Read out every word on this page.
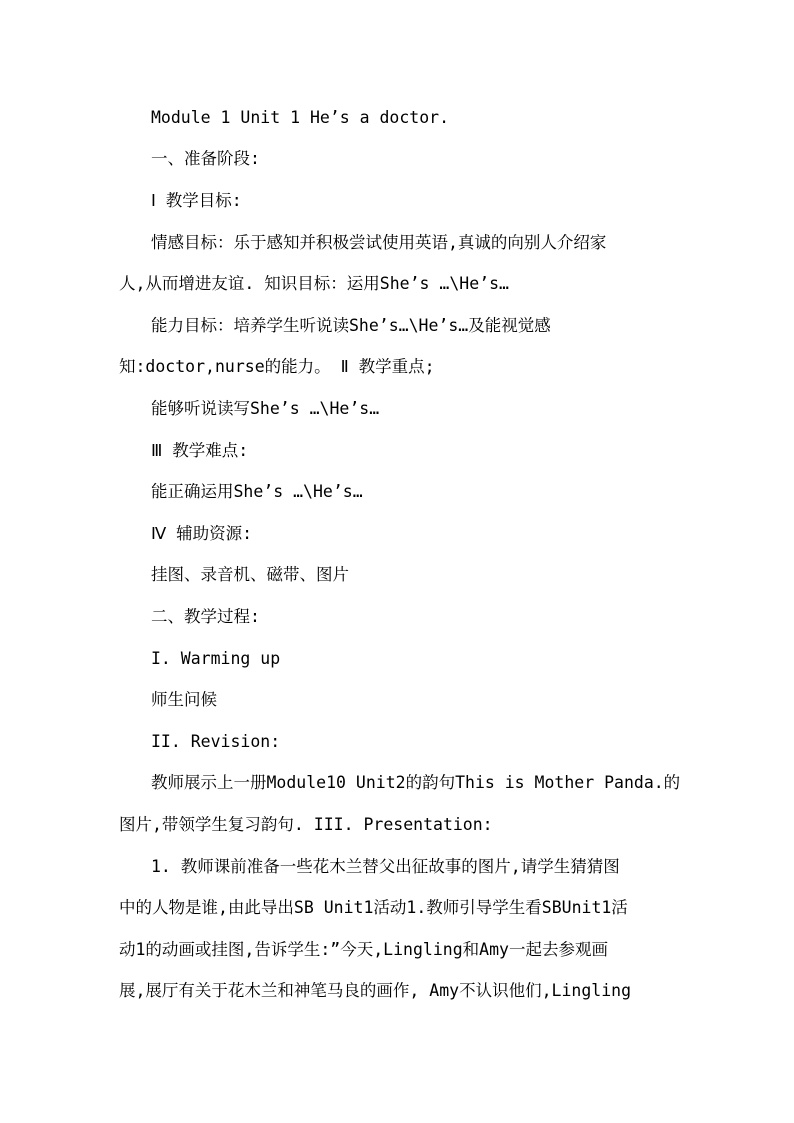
Module 1 Unit 1 He’s a doctor.
一、准备阶段:
Ⅰ 教学目标:
情感目标：乐于感知并积极尝试使用英语,真诚的向别人介绍家
人,从而增进友谊. 知识目标：运用She’s …\He’s…
能力目标：培养学生听说读She’s…\He’s…及能视觉感
知:doctor,nurse的能力。 Ⅱ 教学重点;
能够听说读写She’s …\He’s…
Ⅲ 教学难点:
能正确运用She’s …\He’s…
Ⅳ 辅助资源:
挂图、录音机、磁带、图片
二、教学过程:
I. Warming up
师生问候
II. Revision:
教师展示上一册Module10 Unit2的韵句This is Mother Panda.的
图片,带领学生复习韵句. III. Presentation:
1. 教师课前准备一些花木兰替父出征故事的图片,请学生猜猜图
中的人物是谁,由此导出SB Unit1活动1.教师引导学生看SBUnit1活
动1的动画或挂图,告诉学生:”今天,Lingling和Amy一起去参观画
展,展厅有关于花木兰和神笔马良的画作, Amy不认识他们,Lingling
